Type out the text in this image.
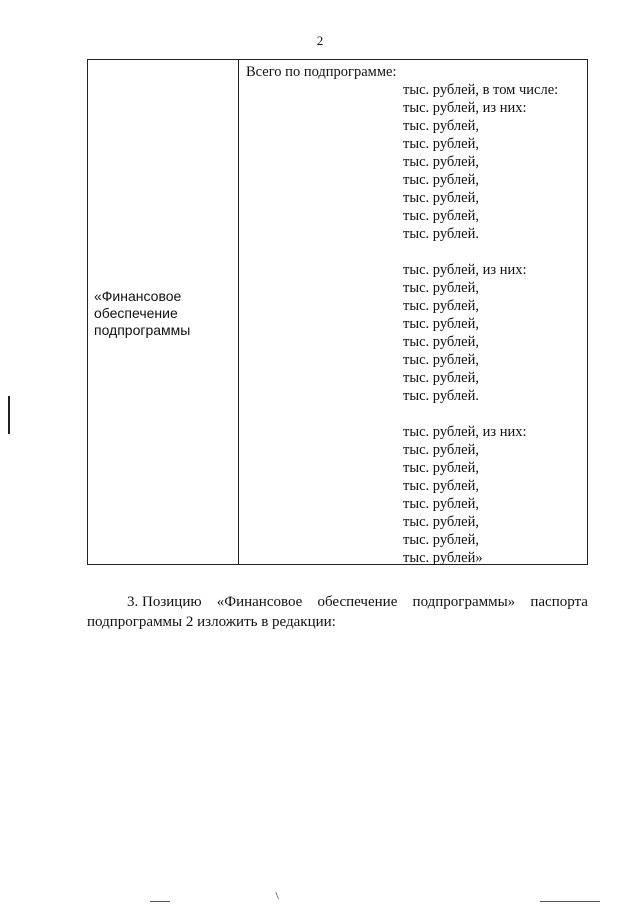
2
«Финансовое обеспечение подпрограммы
Всего по подпрограмме:
тыс. рублей, в том числе:
тыс. рублей, из них:
тыс. рублей,
тыс. рублей,
тыс. рублей,
тыс. рублей,
тыс. рублей,
тыс. рублей,
тыс. рублей.
тыс. рублей, из них:
тыс. рублей,
тыс. рублей,
тыс. рублей,
тыс. рублей,
тыс. рублей,
тыс. рублей,
тыс. рублей.
тыс. рублей, из них:
тыс. рублей,
тыс. рублей,
тыс. рублей,
тыс. рублей,
тыс. рублей,
тыс. рублей,
тыс. рублей»
3. Позицию «Финансовое обеспечение подпрограммы» паспорта
подпрограммы 2 изложить в редакции:
/
